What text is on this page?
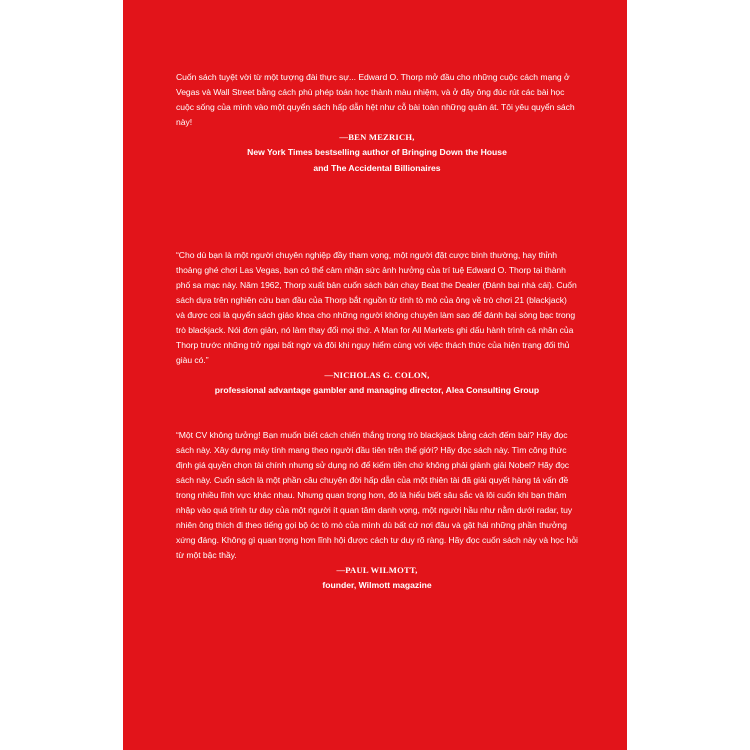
Cuốn sách tuyệt vời từ một tượng đài thực sự... Edward O. Thorp mở đầu cho những cuộc cách mạng ở Vegas và Wall Street bằng cách phù phép toán học thành màu nhiệm, và ở đây ông đúc rút các bài học cuộc sống của mình vào một quyển sách hấp dẫn hệt như cỗ bài toàn những quân át. Tôi yêu quyển sách này!

—BEN MEZRICH,

New York Times bestselling author of Bringing Down the House

and The Accidental Billionaires

“Cho dù bạn là một người chuyên nghiệp đầy tham vọng, một người đặt cược bình thường, hay thỉnh thoảng ghé chơi Las Vegas, bạn có thể cảm nhận sức ảnh hưởng của trí tuệ Edward O. Thorp tại thành phố sa mạc này. Năm 1962, Thorp xuất bản cuốn sách bán chạy Beat the Dealer (Đánh bại nhà cái). Cuốn sách dựa trên nghiên cứu ban đầu của Thorp bắt nguồn từ tính tò mò của ông về trò chơi 21 (blackjack) và được coi là quyển sách giáo khoa cho những người không chuyên làm sao để đánh bại sòng bạc trong trò blackjack. Nói đơn giản, nó làm thay đổi mọi thứ. A Man for All Markets ghi dấu hành trình cá nhân của Thorp trước những trở ngại bất ngờ và đôi khi nguy hiểm cùng với việc thách thức của hiện trạng đối thủ giàu có.”

—NICHOLAS G. COLON,

professional advantage gambler and managing director, Alea Consulting Group

“Một CV không tưởng! Bạn muốn biết cách chiến thắng trong trò blackjack bằng cách đếm bài? Hãy đọc sách này. Xây dựng máy tính mang theo người đầu tiên trên thế giới? Hãy đọc sách này. Tìm công thức định giá quyền chọn tài chính nhưng sử dụng nó để kiếm tiền chứ không phải giành giải Nobel? Hãy đọc sách này. Cuốn sách là một phần câu chuyện đời hấp dẫn của một thiên tài đã giải quyết hàng tá vấn đề trong nhiều lĩnh vực khác nhau. Nhưng quan trọng hơn, đó là hiểu biết sâu sắc và lôi cuốn khi bạn thâm nhập vào quá trình tư duy của một người ít quan tâm danh vọng, một người hầu như nằm dưới radar, tuy nhiên ông thích đi theo tiếng gọi bộ óc tò mò của mình dù bất cứ nơi đâu và gặt hái những phần thưởng xứng đáng. Không gì quan trọng hơn lĩnh hội được cách tư duy rõ ràng. Hãy đọc cuốn sách này và học hỏi từ một bậc thầy.

—PAUL WILMOTT,

founder, Wilmott magazine
